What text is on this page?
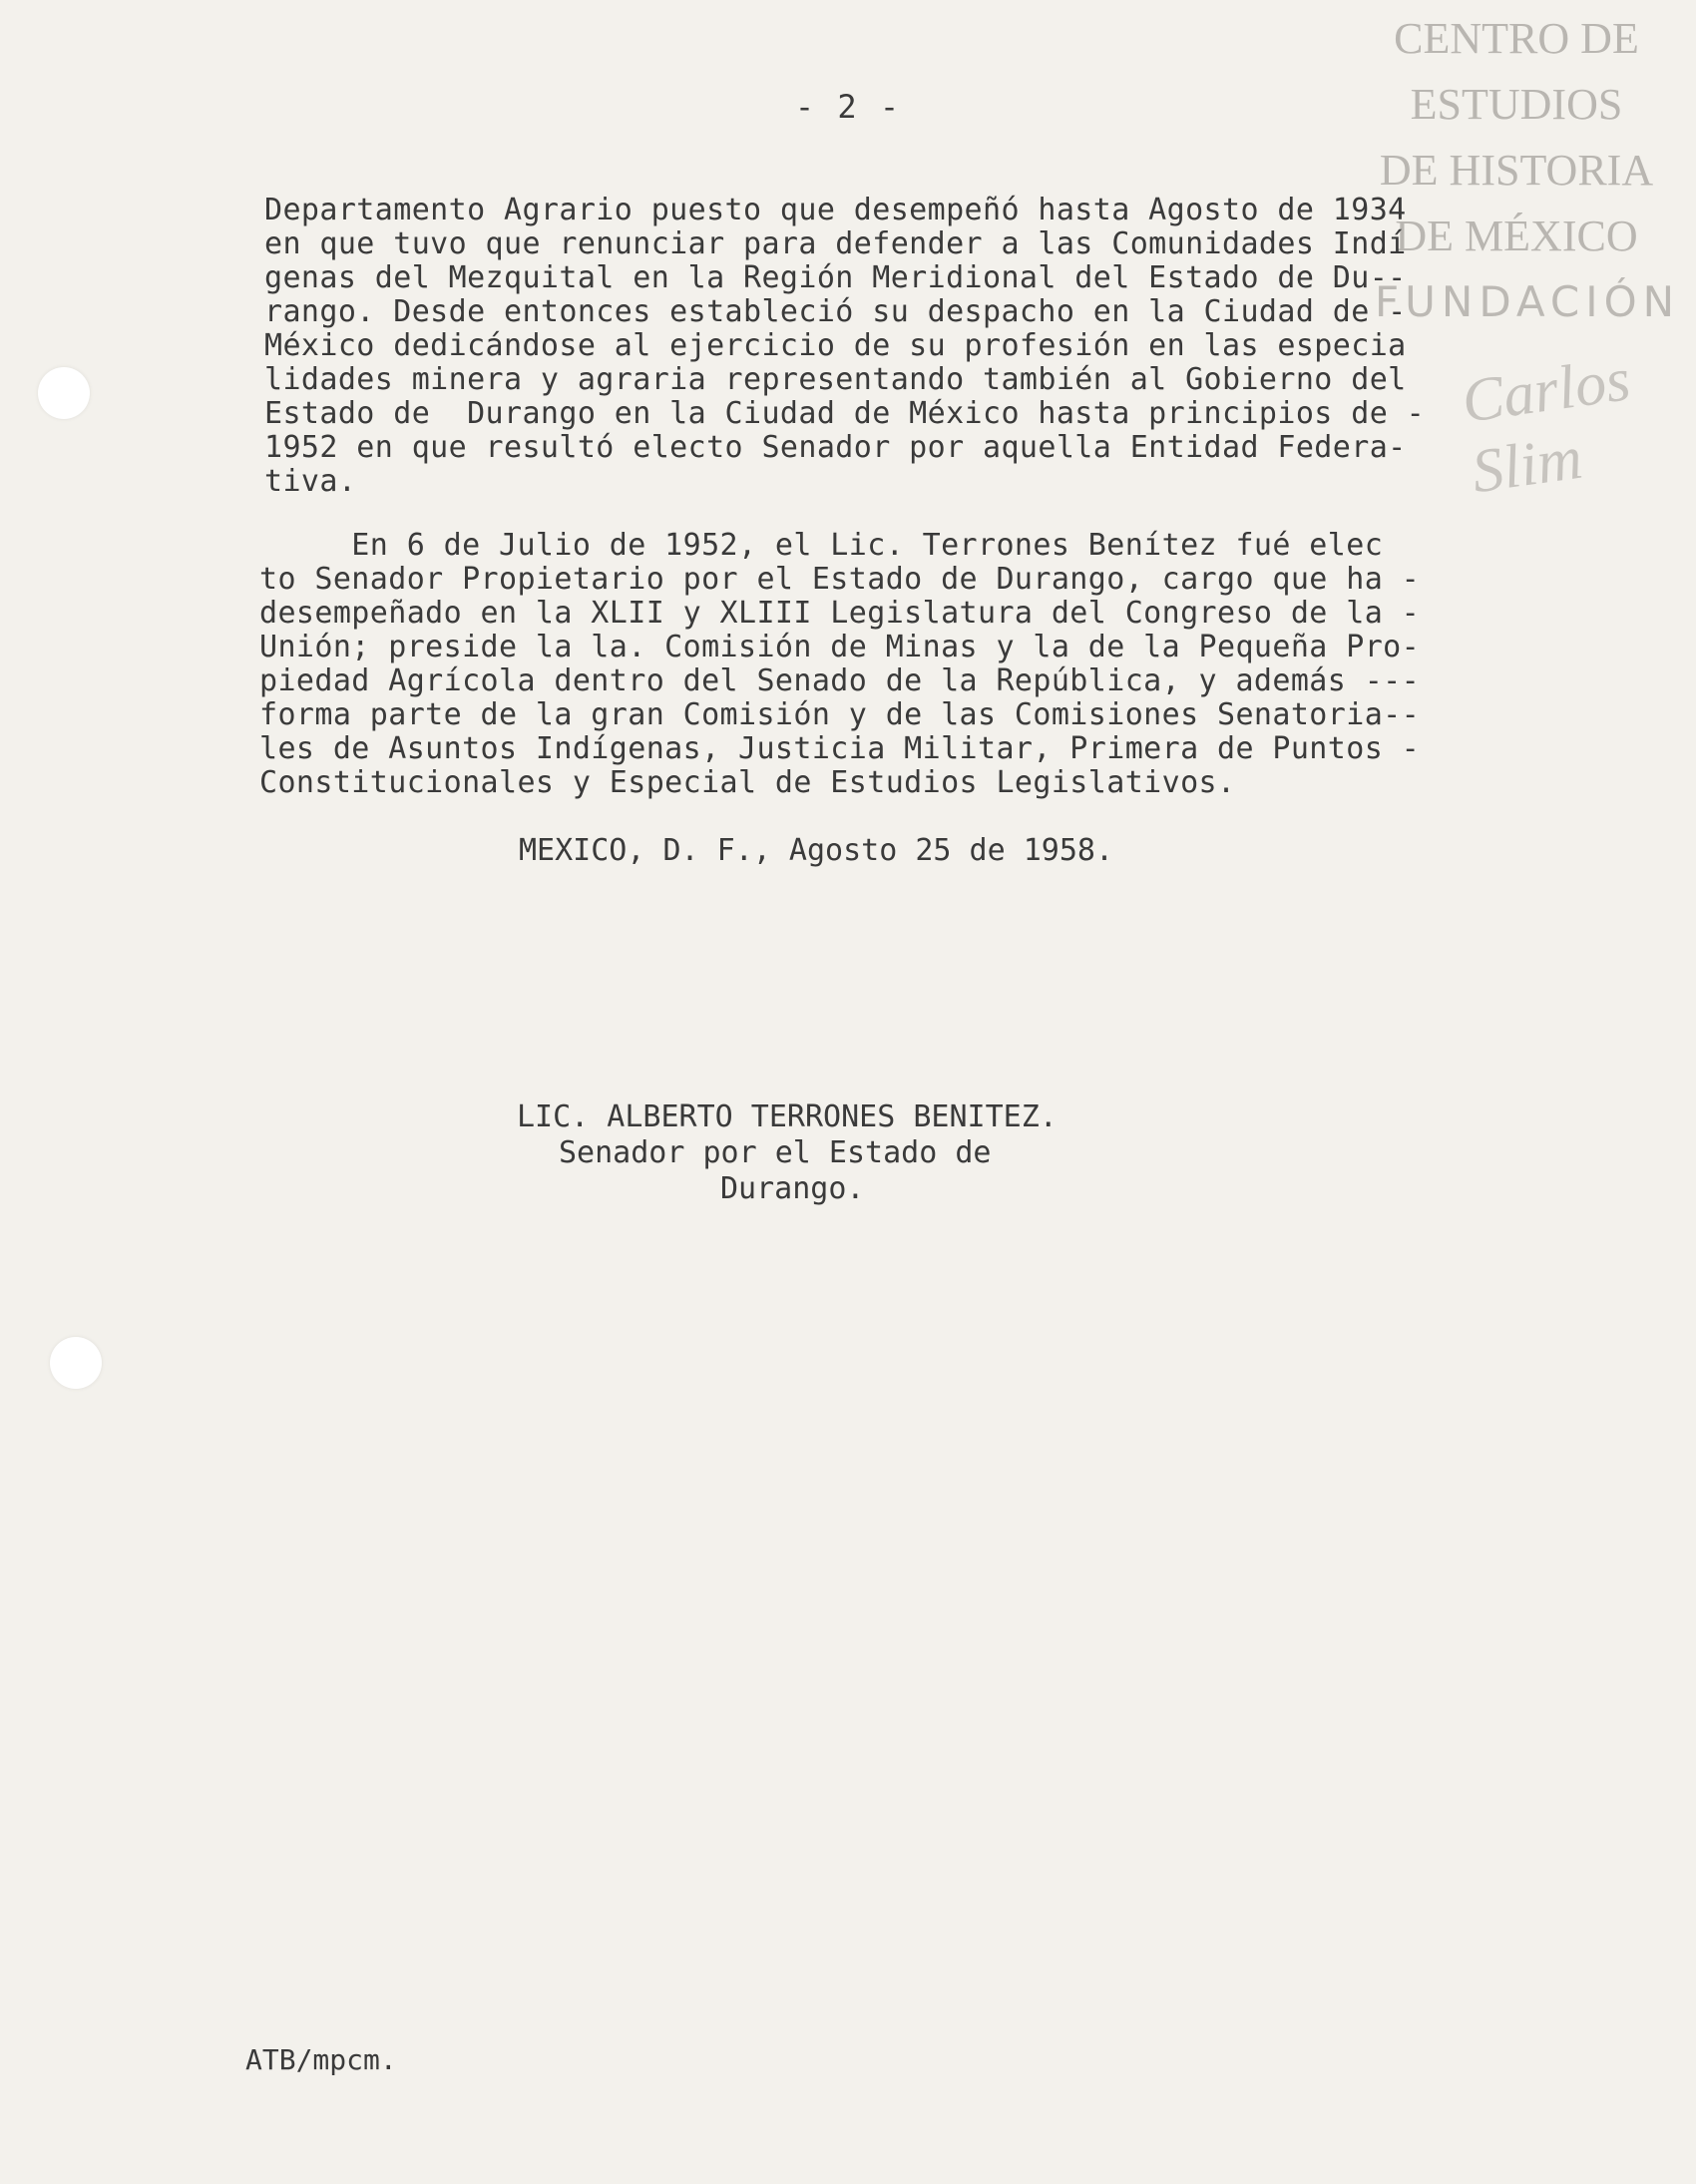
CENTRO DE
ESTUDIOS
DE HISTORIA
DE MÉXICO
FUNDACIÓN
Carlos Slim
- 2 -
Departamento Agrario puesto que desempeñó hasta Agosto de 1934
en que tuvo que renunciar para defender a las Comunidades Indí
genas del Mezquital en la Región Meridional del Estado de Du--
rango. Desde entonces estableció su despacho en la Ciudad de -
México dedicándose al ejercicio de su profesión en las especia
lidades minera y agraria representando también al Gobierno del
Estado de  Durango en la Ciudad de México hasta principios de -
1952 en que resultó electo Senador por aquella Entidad Federa-
tiva.
En 6 de Julio de 1952, el Lic. Terrones Benítez fué elec
to Senador Propietario por el Estado de Durango, cargo que ha -
desempeñado en la XLII y XLIII Legislatura del Congreso de la -
Unión; preside la la. Comisión de Minas y la de la Pequeña Pro-
piedad Agrícola dentro del Senado de la República, y además ---
forma parte de la gran Comisión y de las Comisiones Senatoria--
les de Asuntos Indígenas, Justicia Militar, Primera de Puntos -
Constitucionales y Especial de Estudios Legislativos.
MEXICO, D. F., Agosto 25 de 1958.
LIC. ALBERTO TERRONES BENITEZ.
Senador por el Estado de
Durango.
ATB/mpcm.
